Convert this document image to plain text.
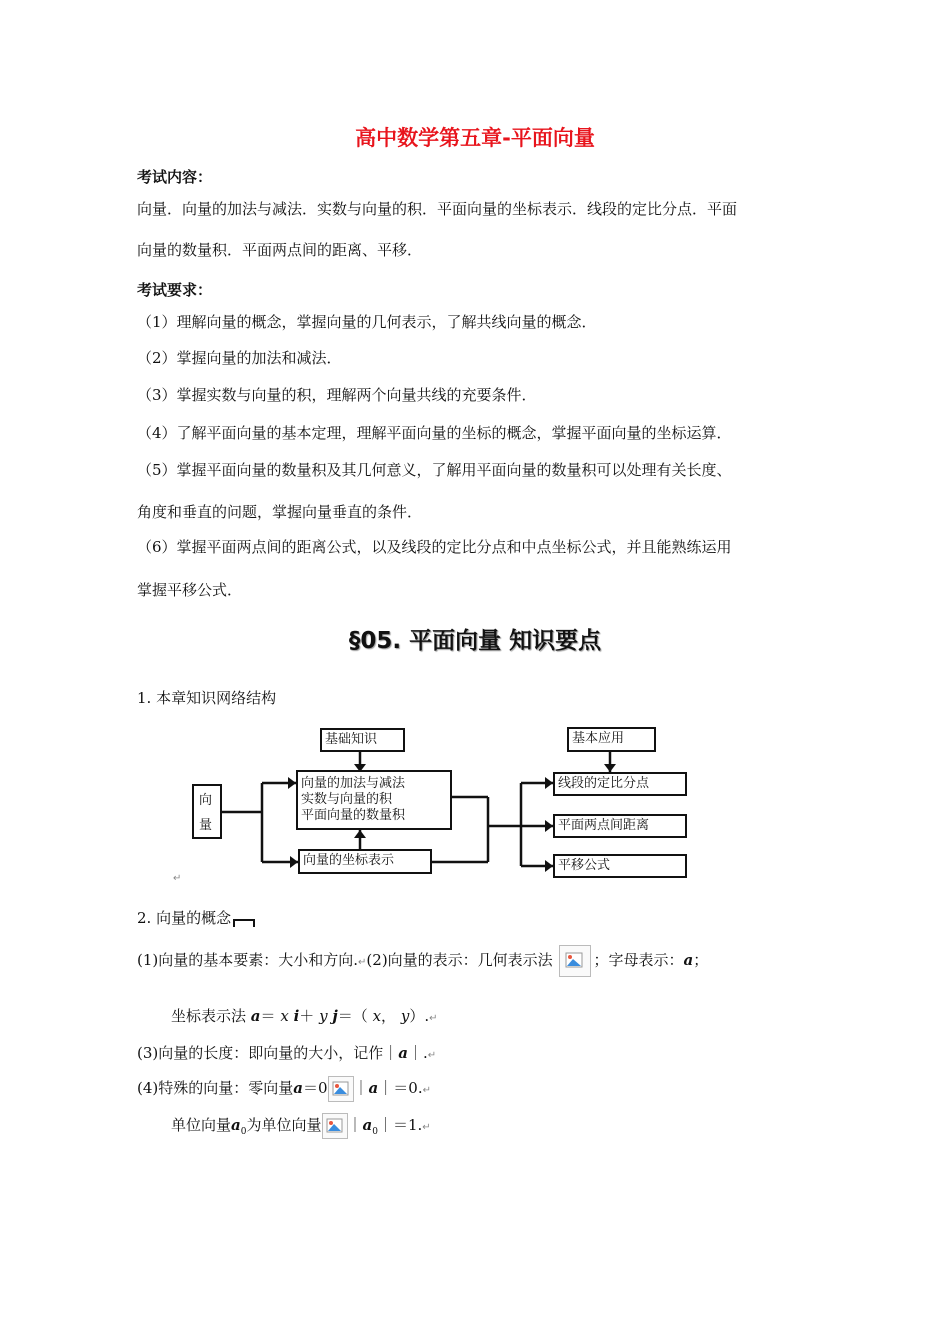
高中数学第五章-平面向量
考试内容：
向量．向量的加法与减法．实数与向量的积．平面向量的坐标表示．线段的定比分点．平面
向量的数量积．平面两点间的距离、平移．
考试要求：
（1）理解向量的概念，掌握向量的几何表示，了解共线向量的概念．
（2）掌握向量的加法和减法．
（3）掌握实数与向量的积，理解两个向量共线的充要条件．
（4）了解平面向量的基本定理，理解平面向量的坐标的概念，掌握平面向量的坐标运算．
（5）掌握平面向量的数量积及其几何意义，了解用平面向量的数量积可以处理有关长度、
角度和垂直的问题，掌握向量垂直的条件．
（6）掌握平面两点间的距离公式，以及线段的定比分点和中点坐标公式，并且能熟练运用
掌握平移公式．
§05. 平面向量 知识要点
1. 本章知识网络结构
基础知识
向
量
向量的加法与减法
实数与向量的积
平面向量的数量积
向量的坐标表示
基本应用
线段的定比分点
平面两点间距离
平移公式
↵
2. 向量的概念
(1)向量的基本要素：大小和方向.↵(2)向量的表示：几何表示法	；字母表示：a；
坐标表示法 a＝ x i＋ y j＝（ x， y）.↵
(3)向量的长度：即向量的大小，记作｜a｜.↵
(4)特殊的向量：零向量a＝0 ｜a｜＝0.↵
单位向量$a_0$为单位向量 $|a_0|=1.↵$
